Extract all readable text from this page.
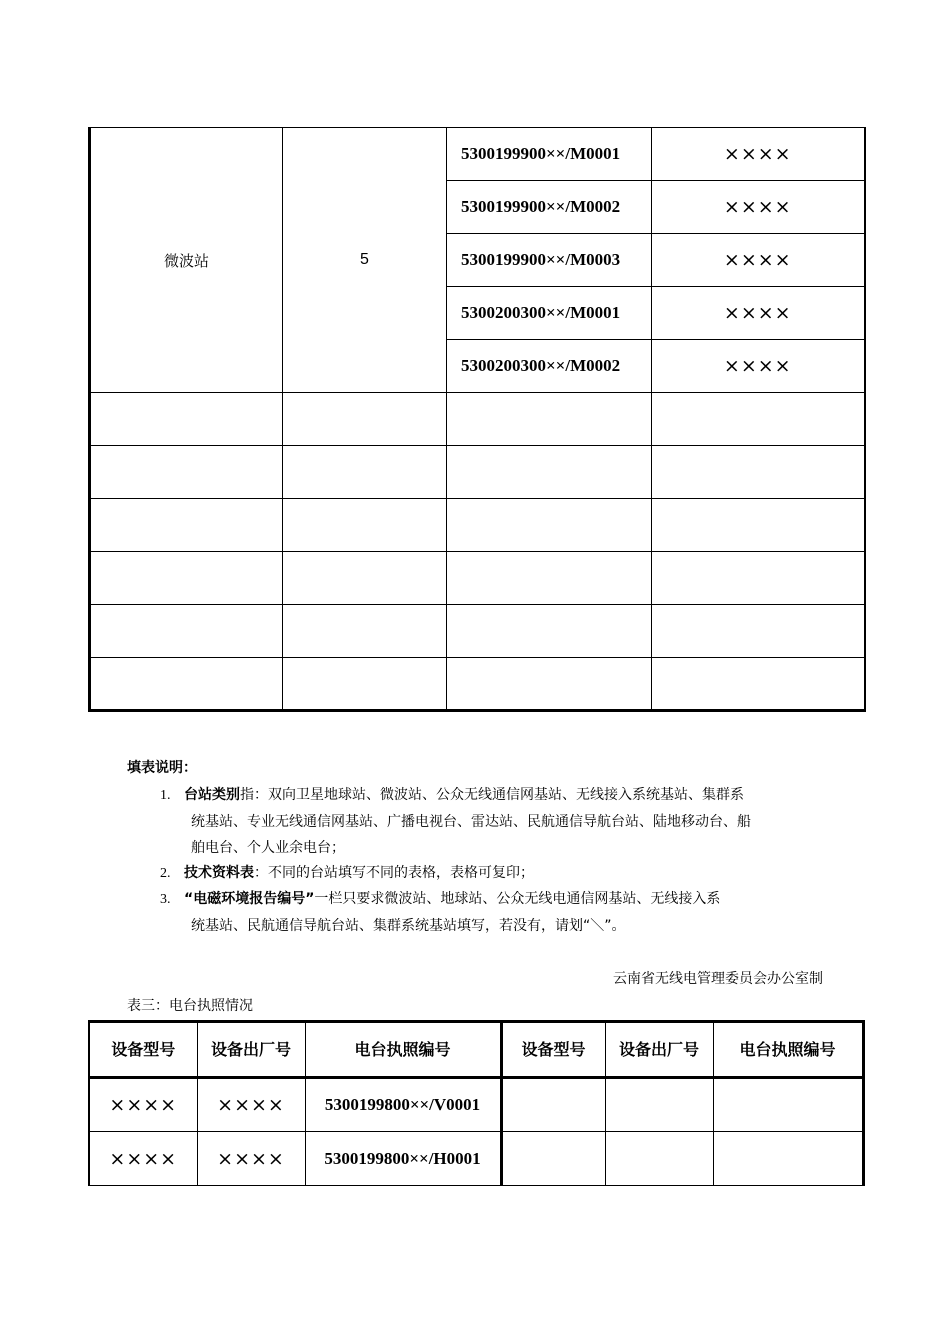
微波站	5	5300199900××/M0001	××××
		5300199900××/M0002	××××
		5300199900××/M0003	××××
		5300200300××/M0001	××××
		5300200300××/M0002	××××

填表说明：
1. 台站类别指：双向卫星地球站、微波站、公众无线通信网基站、无线接入系统基站、集群系
统基站、专业无线通信网基站、广播电视台、雷达站、民航通信导航台站、陆地移动台、船
舶电台、个人业余电台；
2. 技术资料表：不同的台站填写不同的表格，表格可复印；
3. “电磁环境报告编号”一栏只要求微波站、地球站、公众无线电通信网基站、无线接入系
统基站、民航通信导航台站、集群系统基站填写，若没有，请划“＼”。
云南省无线电管理委员会办公室制
表三：电台执照情况
设备型号	设备出厂号	电台执照编号	设备型号	设备出厂号	电台执照编号
××××	××××	5300199800××/V0001			
××××	××××	5300199800××/H0001			
